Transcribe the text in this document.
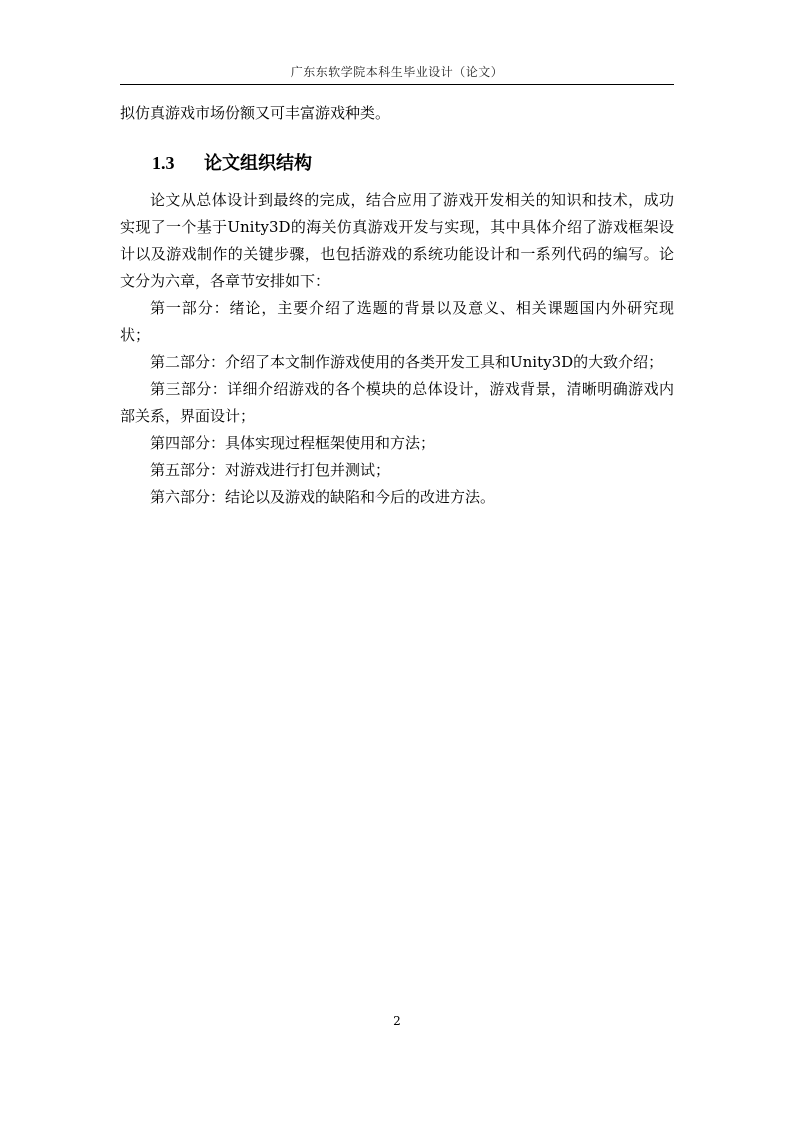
广东东软学院本科生毕业设计（论文）
拟仿真游戏市场份额又可丰富游戏种类。
1.3 论文组织结构

论文从总体设计到最终的完成，结合应用了游戏开发相关的知识和技术，成功实现了一个基于Unity3D的海关仿真游戏开发与实现，其中具体介绍了游戏框架设计以及游戏制作的关键步骤，也包括游戏的系统功能设计和一系列代码的编写。论文分为六章，各章节安排如下：

第一部分：绪论，主要介绍了选题的背景以及意义、相关课题国内外研究现状；

第二部分：介绍了本文制作游戏使用的各类开发工具和Unity3D的大致介绍；

第三部分：详细介绍游戏的各个模块的总体设计，游戏背景，清晰明确游戏内部关系，界面设计；

第四部分：具体实现过程框架使用和方法；

第五部分：对游戏进行打包并测试；

第六部分：结论以及游戏的缺陷和今后的改进方法。

2
